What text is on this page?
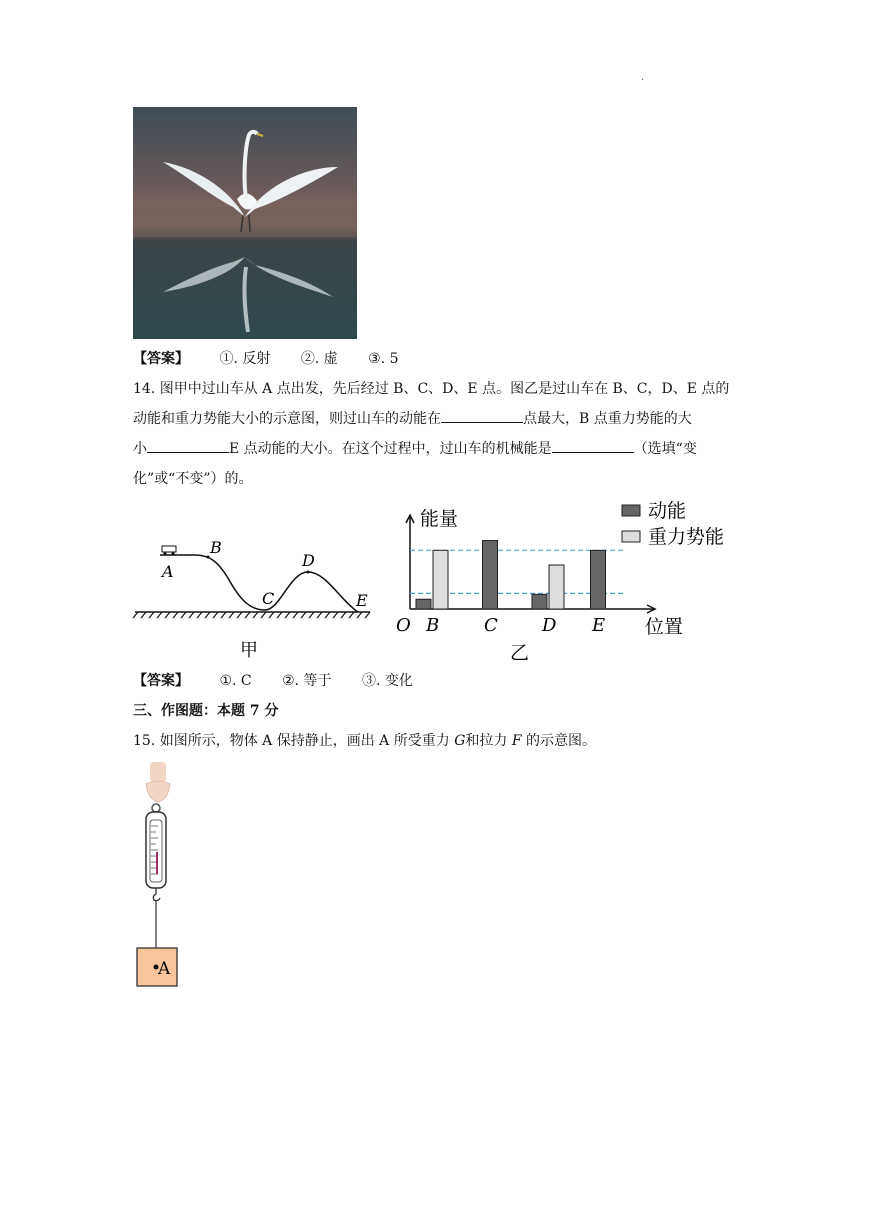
.
【答案】 ①. 反射 ②. 虚 ③. 5
14. 图甲中过山车从 A 点出发，先后经过 B、C、D、E 点。图乙是过山车在 B、C，D、E 点的
动能和重力势能大小的示意图，则过山车的动能在	点最大，B 点重力势能的大
小	E 点动能的大小。在这个过程中，过山车的机械能是	（选填“变
化”或“不变”）的。
A
B
C
D
E
甲
B C D E
O
能量
位置
乙
动能
重力势能
【答案】 ①. C ②. 等于 ③. 变化
三、作图题：本题 7 分
15. 如图所示，物体 A 保持静止，画出 A 所受重力 G和拉力 F 的示意图。
A
